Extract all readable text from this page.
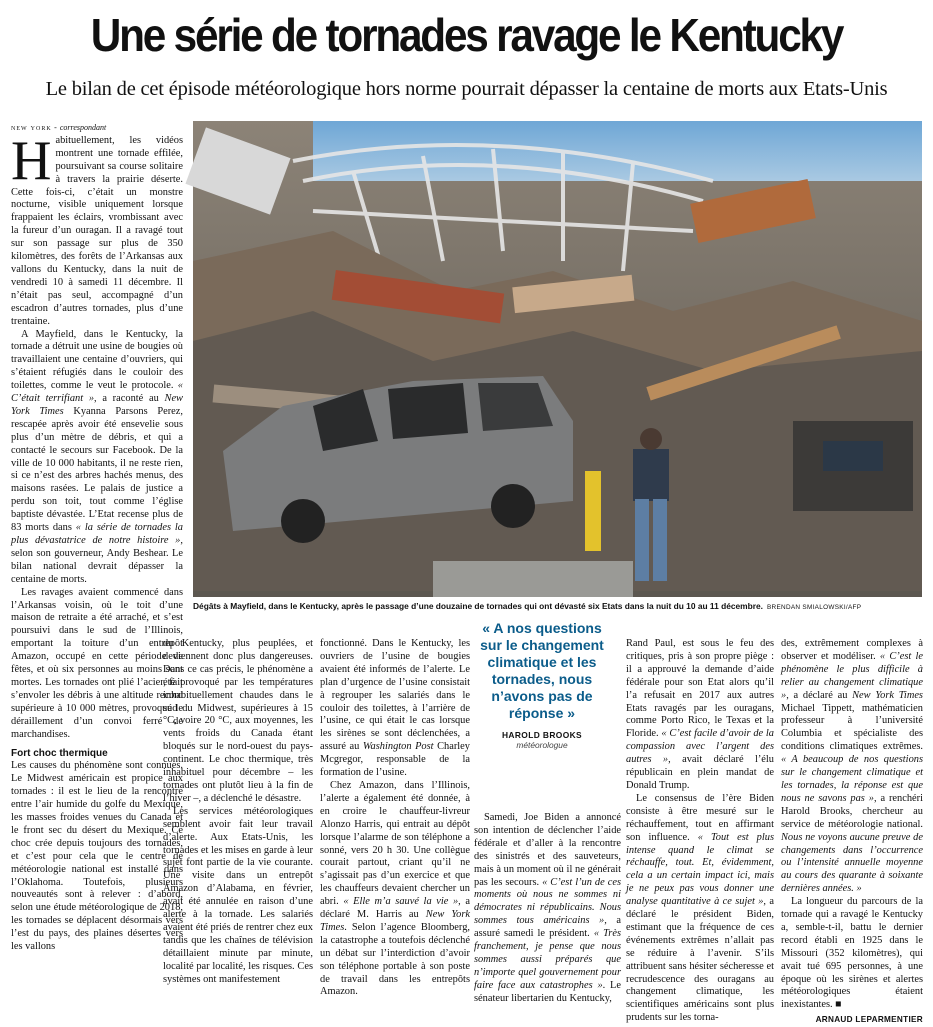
Une série de tornades ravage le Kentucky
Le bilan de cet épisode météorologique hors norme pourrait dépasser la centaine de morts aux Etats-Unis

new york - correspondant

Habituellement, les vidéos montrent une tornade effilée, poursuivant sa course solitaire à travers la prairie déserte. Cette fois-ci, c’était un monstre nocturne, visible uniquement lorsque frappaient les éclairs, vrombissant avec la fureur d’un ouragan. Il a ravagé tout sur son passage sur plus de 350 kilomètres, des forêts de l’Arkansas aux vallons du Kentucky, dans la nuit de vendredi 10 à samedi 11 décembre. Il n’était pas seul, accompagné d’un escadron d’autres tornades, plus d’une trentaine.

A Mayfield, dans le Kentucky, la tornade a détruit une usine de bougies où travaillaient une centaine d’ouvriers, qui s’étaient réfugiés dans le couloir des toilettes, comme le veut le protocole. « C’était terrifiant », a raconté au New York Times Kyanna Parsons Perez, rescapée après avoir été ensevelie sous plus d’un mètre de débris, et qui a contacté le secours sur Facebook. De la ville de 10 000 habitants, il ne reste rien, si ce n’est des arbres hachés menus, des maisons rasées. Le palais de justice a perdu son toit, tout comme l’église baptiste dévastée. L’Etat recense plus de 83 morts dans « la série de tornades la plus dévastatrice de notre histoire », selon son gouverneur, Andy Beshear. Le bilan national devrait dépasser la centaine de morts.

Les ravages avaient commencé dans l’Arkansas voisin, où le toit d’une maison de retraite a été arraché, et s’est poursuivi dans le sud de l’Illinois, emportant la toiture d’un entrepôt Amazon, occupé en cette période de fêtes, et où six personnes au moins sont mortes. Les tornades ont plié l’acier, fait s’envoler les débris à une altitude record supérieure à 10 000 mètres, provoqué le déraillement d’un convoi ferré de marchandises.

Fort choc thermique

Les causes du phénomène sont connues. Le Midwest américain est propice aux tornades : il est le lieu de la rencontre entre l’air humide du golfe du Mexique, les masses froides venues du Canada et le front sec du désert du Mexique. Ce choc crée depuis toujours des tornades, et c’est pour cela que le centre de météorologie national est installé dans l’Oklahoma. Toutefois, plusieurs nouveautés sont à relever : d’abord, selon une étude météorologique de 2018, les tornades se déplacent désormais vers l’est du pays, des plaines désertes vers les vallons

Dégâts à Mayfield, dans le Kentucky, après le passage d’une douzaine de tornades qui ont dévasté six Etats dans la nuit du 10 au 11 décembre. BRENDAN SMIALOWSKI/AFP

du Kentucky, plus peuplées, et deviennent donc plus dangereuses. Dans ce cas précis, le phénomène a été provoqué par les températures inhabituellement chaudes dans le sud du Midwest, supérieures à 15 °C, voire 20 °C, aux moyennes, les vents froids du Canada étant bloqués sur le nord-ouest du pays-continent. Le choc thermique, très inhabituel pour décembre – les tornades ont plutôt lieu à la fin de l’hiver –, a déclenché le désastre.

Les services météorologiques semblent avoir fait leur travail d’alerte. Aux Etats-Unis, les tornades et les mises en garde à leur sujet font partie de la vie courante. Une visite dans un entrepôt Amazon d’Alabama, en février, avait été annulée en raison d’une alerte à la tornade. Les salariés avaient été priés de rentrer chez eux tandis que les chaînes de télévision détaillaient minute par minute, localité par localité, les risques. Ces systèmes ont manifestement

fonctionné. Dans le Kentucky, les ouvriers de l’usine de bougies avaient été informés de l’alerte. Le plan d’urgence de l’usine consistait à regrouper les salariés dans le couloir des toilettes, à l’arrière de l’usine, ce qui était le cas lorsque les sirènes se sont déclenchées, a assuré au Washington Post Charley Mcgregor, responsable de la formation de l’usine.

Chez Amazon, dans l’Illinois, l’alerte a également été donnée, à en croire le chauffeur-livreur Alonzo Harris, qui entrait au dépôt lorsque l’alarme de son téléphone a sonné, vers 20 h 30. Une collègue courait partout, criant qu’il ne s’agissait pas d’un exercice et que les chauffeurs devaient chercher un abri. « Elle m’a sauvé la vie », a déclaré M. Harris au New York Times. Selon l’agence Bloomberg, la catastrophe a toutefois déclenché un débat sur l’interdiction d’avoir son téléphone portable à son poste de travail dans les entrepôts Amazon.

« A nos questions sur le changement climatique et les tornades, nous n’avons pas de réponse »
HAROLD BROOKS
météorologue

Samedi, Joe Biden a annoncé son intention de déclencher l’aide fédérale et d’aller à la rencontre des sinistrés et des sauveteurs, mais à un moment où il ne générait pas les secours. « C’est l’un de ces moments où nous ne sommes ni démocrates ni républicains. Nous sommes tous américains », a assuré samedi le président. « Très franchement, je pense que nous sommes aussi préparés que n’importe quel gouvernement pour faire face aux catastrophes ». Le sénateur libertarien du Kentucky,

Rand Paul, est sous le feu des critiques, pris à son propre piège : il a approuvé la demande d’aide fédérale pour son Etat alors qu’il l’a refusait en 2017 aux autres Etats ravagés par les ouragans, comme Porto Rico, le Texas et la Floride. « C’est facile d’avoir de la compassion avec l’argent des autres », avait déclaré l’élu républicain en plein mandat de Donald Trump.

Le consensus de l’ère Biden consiste à être mesuré sur le réchauffement, tout en affirmant son influence. « Tout est plus intense quand le climat se réchauffe, tout. Et, évidemment, cela a un certain impact ici, mais je ne peux pas vous donner une analyse quantitative à ce sujet », a déclaré le président Biden, estimant que la fréquence de ces événements extrêmes n’allait pas se réduire à l’avenir. S’ils attribuent sans hésiter sécheresse et recrudescence des ouragans au changement climatique, les scientifiques américains sont plus prudents sur les torna-

des, extrêmement complexes à observer et modéliser. « C’est le phénomène le plus difficile à relier au changement climatique », a déclaré au New York Times Michael Tippett, mathématicien professeur à l’université Columbia et spécialiste des conditions climatiques extrêmes. « A beaucoup de nos questions sur le changement climatique et les tornades, la réponse est que nous ne savons pas », a renchéri Harold Brooks, chercheur au service de météorologie national. Nous ne voyons aucune preuve de changements dans l’occurrence ou l’intensité annuelle moyenne au cours des quarante à soixante dernières années. »

La longueur du parcours de la tornade qui a ravagé le Kentucky a, semble-t-il, battu le dernier record établi en 1925 dans le Missouri (352 kilomètres), qui avait tué 695 personnes, à une époque où les sirènes et alertes météorologiques étaient inexistantes. ■

ARNAUD LEPARMENTIER
